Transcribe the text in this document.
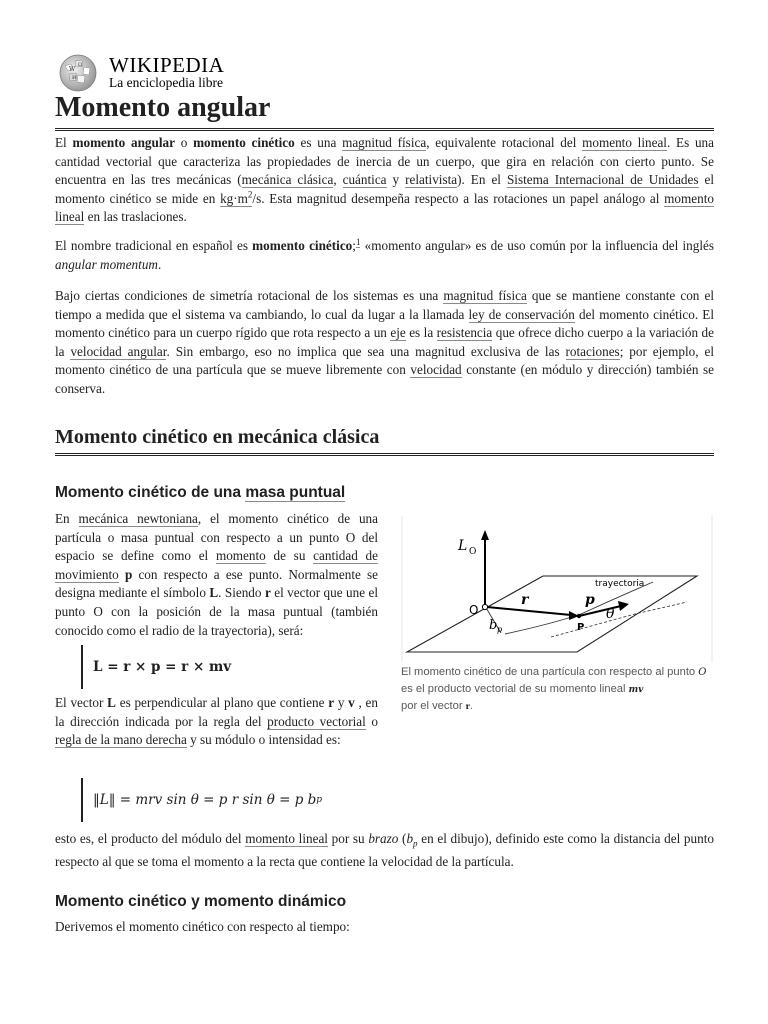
W
Ω
И
WIKIPEDIA
La enciclopedia libre
Momento angular

El momento angular o momento cinético es una magnitud física, equivalente rotacional del momento lineal. Es una cantidad vectorial que caracteriza las propiedades de inercia de un cuerpo, que gira en relación con cierto punto. Se encuentra en las tres mecánicas (mecánica clásica, cuántica y relativista). En el Sistema Internacional de Unidades el momento cinético se mide en $kg\cdot m^2/s$. Esta magnitud desempeña respecto a las rotaciones un papel análogo al momento lineal en las traslaciones.

El nombre tradicional en español es momento cinético;$^1$ «momento angular» es de uso común por la influencia del inglés angular momentum.

Bajo ciertas condiciones de simetría rotacional de los sistemas es una magnitud física que se mantiene constante con el tiempo a medida que el sistema va cambiando, lo cual da lugar a la llamada ley de conservación del momento cinético. El momento cinético para un cuerpo rígido que rota respecto a un eje es la resistencia que ofrece dicho cuerpo a la variación de la velocidad angular. Sin embargo, eso no implica que sea una magnitud exclusiva de las rotaciones; por ejemplo, el momento cinético de una partícula que se mueve libremente con velocidad constante (en módulo y dirección) también se conserva.

Momento cinético en mecánica clásica
Momento cinético de una masa puntual

En mecánica newtoniana, el momento cinético de una partícula o masa puntual con respecto a un punto O del espacio se define como el momento de su cantidad de movimiento p con respecto a ese punto. Normalmente se designa mediante el símbolo L. Siendo r el vector que une el punto O con la posición de la masa puntual (también conocido como el radio de la trayectoria), será:

L = r × p = r × mv

El vector L es perpendicular al plano que contiene r y v , en la dirección indicada por la regla del producto vectorial o regla de la mano derecha y su módulo o intensidad es:

‖L‖ = mrv sin θ = p r sin θ = p b p

esto es, el producto del módulo del momento lineal por su brazo ($b_p$ en el dibujo), definido este como la distancia del punto respecto al que se toma el momento a la recta que contiene la velocidad de la partícula.

Momento cinético y momento dinámico

Derivemos el momento cinético con respecto al tiempo:

L O
O
r	p
θ
P
b p
trayectoria
El momento cinético de una partícula con respecto al punto O es el producto vectorial de su momento lineal mv
por el vector r.
